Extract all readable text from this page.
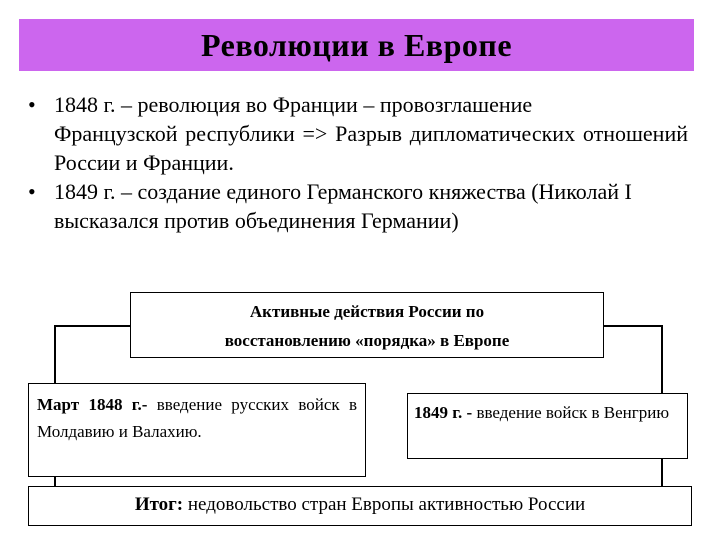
Революции в Европе
• 1848 г. – революция во Франции – провозглашение
Французской республики => Разрыв дипломатических отношений России и Франции.
• 1849 г. – создание единого Германского княжества (Николай I высказался против объединения Германии)
Активные действия России по
восстановлению «порядка» в Европе
Март 1848 г.- введение русских войск в Молдавию и Валахию.
1849 г. - введение войск в Венгрию
Итог: недовольство стран Европы активностью России
